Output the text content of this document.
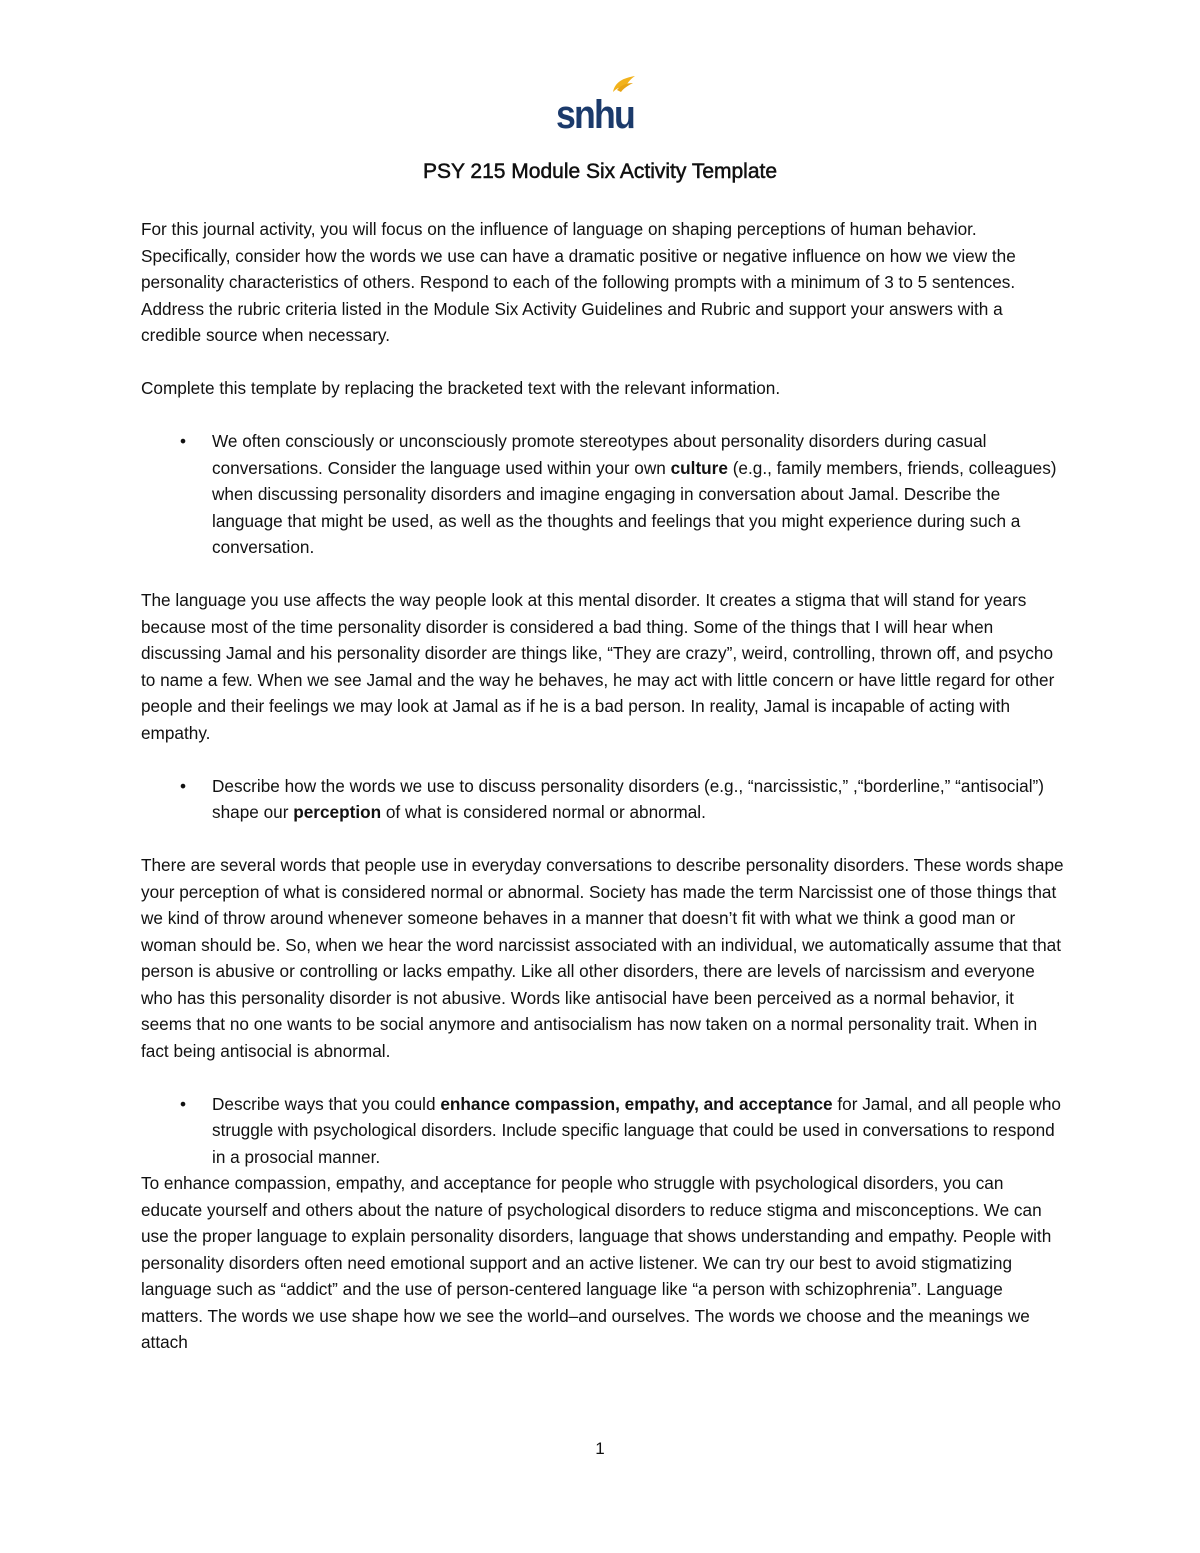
snhu
PSY 215 Module Six Activity Template

For this journal activity, you will focus on the influence of language on shaping perceptions of human behavior. Specifically, consider how the words we use can have a dramatic positive or negative influence on how we view the personality characteristics of others. Respond to each of the following prompts with a minimum of 3 to 5 sentences. Address the rubric criteria listed in the Module Six Activity Guidelines and Rubric and support your answers with a credible source when necessary.

Complete this template by replacing the bracketed text with the relevant information.

•	We often consciously or unconsciously promote stereotypes about personality disorders during casual conversations. Consider the language used within your own culture (e.g., family members, friends, colleagues) when discussing personality disorders and imagine engaging in conversation about Jamal. Describe the language that might be used, as well as the thoughts and feelings that you might experience during such a conversation.

The language you use affects the way people look at this mental disorder. It creates a stigma that will stand for years because most of the time personality disorder is considered a bad thing. Some of the things that I will hear when discussing Jamal and his personality disorder are things like, “They are crazy”, weird, controlling, thrown off, and psycho to name a few. When we see Jamal and the way he behaves, he may act with little concern or have little regard for other people and their feelings we may look at Jamal as if he is a bad person. In reality, Jamal is incapable of acting with empathy.

•	Describe how the words we use to discuss personality disorders (e.g., “narcissistic,” ,“borderline,” “antisocial”) shape our perception of what is considered normal or abnormal.

There are several words that people use in everyday conversations to describe personality disorders. These words shape your perception of what is considered normal or abnormal. Society has made the term Narcissist one of those things that we kind of throw around whenever someone behaves in a manner that doesn’t fit with what we think a good man or woman should be. So, when we hear the word narcissist associated with an individual, we automatically assume that that person is abusive or controlling or lacks empathy. Like all other disorders, there are levels of narcissism and everyone who has this personality disorder is not abusive. Words like antisocial have been perceived as a normal behavior, it seems that no one wants to be social anymore and antisocialism has now taken on a normal personality trait. When in fact being antisocial is abnormal.

•	Describe ways that you could enhance compassion, empathy, and acceptance for Jamal, and all people who struggle with psychological disorders. Include specific language that could be used in conversations to respond in a prosocial manner.

To enhance compassion, empathy, and acceptance for people who struggle with psychological disorders, you can educate yourself and others about the nature of psychological disorders to reduce stigma and misconceptions. We can use the proper language to explain personality disorders, language that shows understanding and empathy. People with personality disorders often need emotional support and an active listener. We can try our best to avoid stigmatizing language such as “addict” and the use of person-centered language like “a person with schizophrenia”. Language matters. The words we use shape how we see the world–and ourselves. The words we choose and the meanings we attach

1
